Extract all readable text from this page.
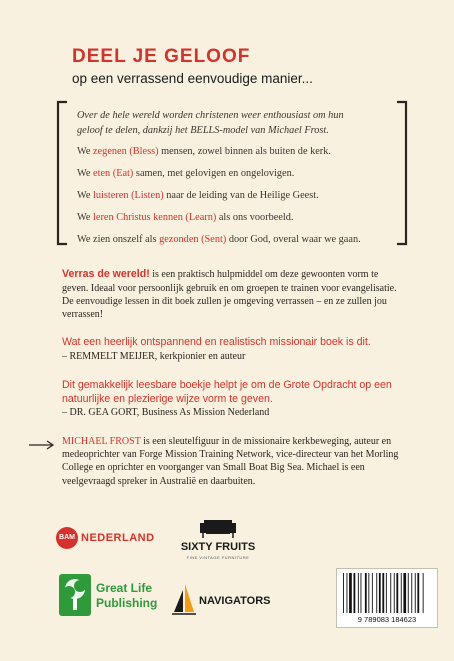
DEEL JE GELOOF
op een verrassend eenvoudige manier...
Over de hele wereld worden christenen weer enthousiast om hun
geloof te delen, dankzij het BELLS-model van Michael Frost.

We zegenen (Bless) mensen, zowel binnen als buiten de kerk.

We eten (Eat) samen, met gelovigen en ongelovigen.

We luisteren (Listen) naar de leiding van de Heilige Geest.

We leren Christus kennen (Learn) als ons voorbeeld.

We zien onszelf als gezonden (Sent) door God, overal waar we gaan.

Verras de wereld! is een praktisch hulpmiddel om deze gewoonten vorm te geven. Ideaal voor persoonlijk gebruik en om groepen te trainen voor evangelisatie. De eenvoudige lessen in dit boek zullen je omgeving verrassen – en ze zullen jou verrassen!
Wat een heerlijk ontspannend en realistisch missionair boek is dit.
– REMMELT MEIJER, kerkpionier en auteur
Dit gemakkelijk leesbare boekje helpt je om de Grote Opdracht op een natuurlijke en plezierige wijze vorm te geven.
– DR. GEA GORT, Business As Mission Nederland
MICHAEL FROST is een sleutelfiguur in de missionaire kerkbeweging, auteur en medeoprichter van Forge Mission Training Network, vice-directeur van het Morling College en oprichter en voorganger van Small Boat Big Sea. Michael is een veelgevraagd spreker in Australië en daarbuiten.
BAM NEDERLAND
SIXTY FRUITS
FINE VINTAGE FURNITURE
Great Life
Publishing	NAVIGATORS
9 789083 184623
